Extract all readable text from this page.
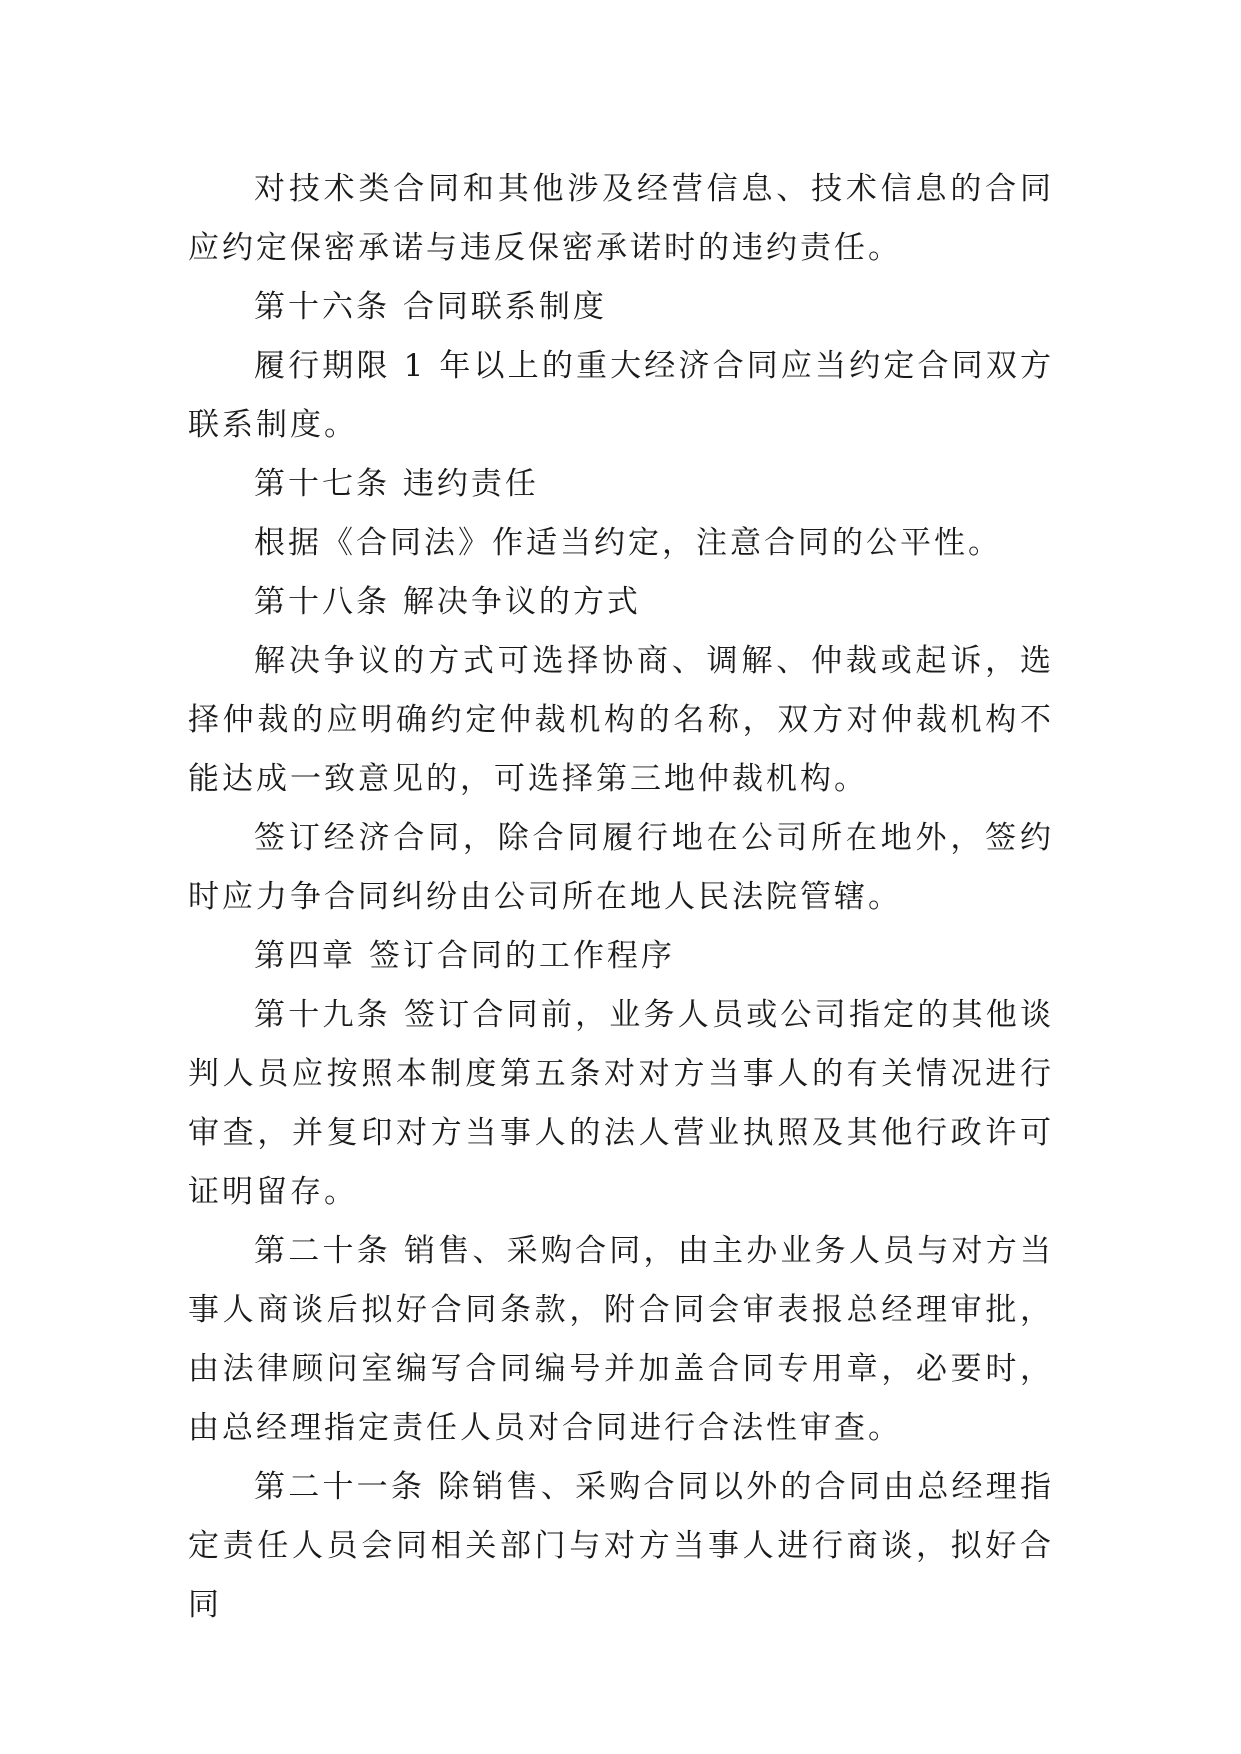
对技术类合同和其他涉及经营信息、技术信息的合同应约定保密承诺与违反保密承诺时的违约责任。

第十六条 合同联系制度

履行期限 1 年以上的重大经济合同应当约定合同双方联系制度。

第十七条 违约责任

根据《合同法》作适当约定，注意合同的公平性。

第十八条 解决争议的方式

解决争议的方式可选择协商、调解、仲裁或起诉，选择仲裁的应明确约定仲裁机构的名称，双方对仲裁机构不能达成一致意见的，可选择第三地仲裁机构。

签订经济合同，除合同履行地在公司所在地外，签约时应力争合同纠纷由公司所在地人民法院管辖。

第四章 签订合同的工作程序

第十九条 签订合同前，业务人员或公司指定的其他谈判人员应按照本制度第五条对对方当事人的有关情况进行审查，并复印对方当事人的法人营业执照及其他行政许可证明留存。

第二十条 销售、采购合同，由主办业务人员与对方当事人商谈后拟好合同条款，附合同会审表报总经理审批，由法律顾问室编写合同编号并加盖合同专用章，必要时，由总经理指定责任人员对合同进行合法性审查。

第二十一条 除销售、采购合同以外的合同由总经理指定责任人员会同相关部门与对方当事人进行商谈，拟好合同
